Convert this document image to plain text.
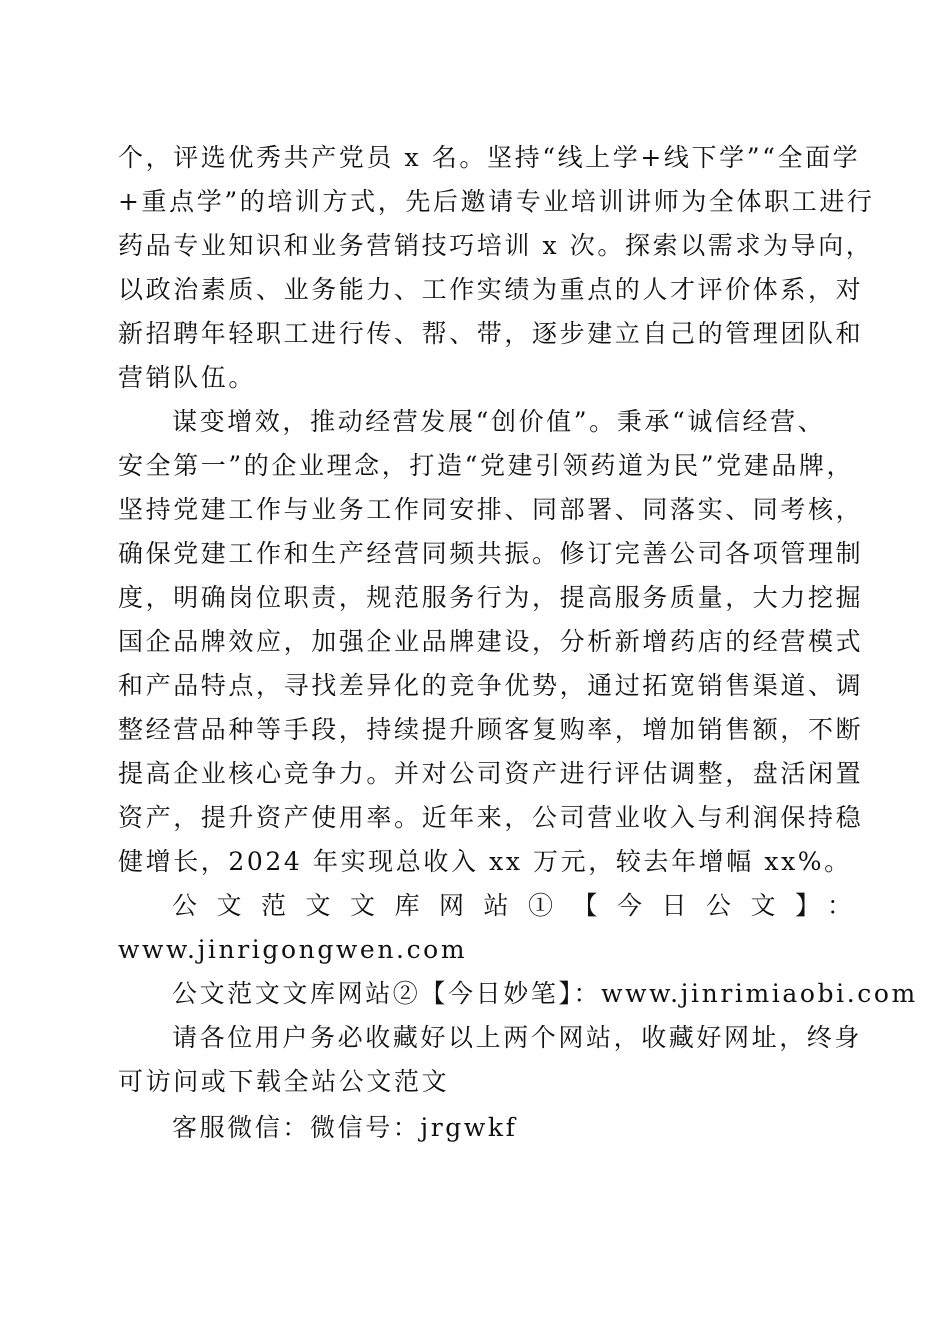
个，评选优秀共产党员 x 名。坚持“线上学+线下学”“全面学
+重点学”的培训方式，先后邀请专业培训讲师为全体职工进行
药品专业知识和业务营销技巧培训 x 次。探索以需求为导向，
以政治素质、业务能力、工作实绩为重点的人才评价体系，对
新招聘年轻职工进行传、帮、带，逐步建立自己的管理团队和
营销队伍。
谋变增效，推动经营发展“创价值”。秉承“诚信经营、
安全第一”的企业理念，打造“党建引领药道为民”党建品牌，
坚持党建工作与业务工作同安排、同部署、同落实、同考核，
确保党建工作和生产经营同频共振。修订完善公司各项管理制
度，明确岗位职责，规范服务行为，提高服务质量，大力挖掘
国企品牌效应，加强企业品牌建设，分析新增药店的经营模式
和产品特点，寻找差异化的竞争优势，通过拓宽销售渠道、调
整经营品种等手段，持续提升顾客复购率，增加销售额，不断
提高企业核心竞争力。并对公司资产进行评估调整，盘活闲置
资产，提升资产使用率。近年来，公司营业收入与利润保持稳
健增长，2024 年实现总收入 xx 万元，较去年增幅 xx%。
公文范文文库网站①【今日公文】：
www.jinrigongwen.com
公文范文文库网站②【今日妙笔】：www.jinrimiaobi.com
请各位用户务必收藏好以上两个网站，收藏好网址，终身
可访问或下载全站公文范文
客服微信：微信号：jrgwkf
